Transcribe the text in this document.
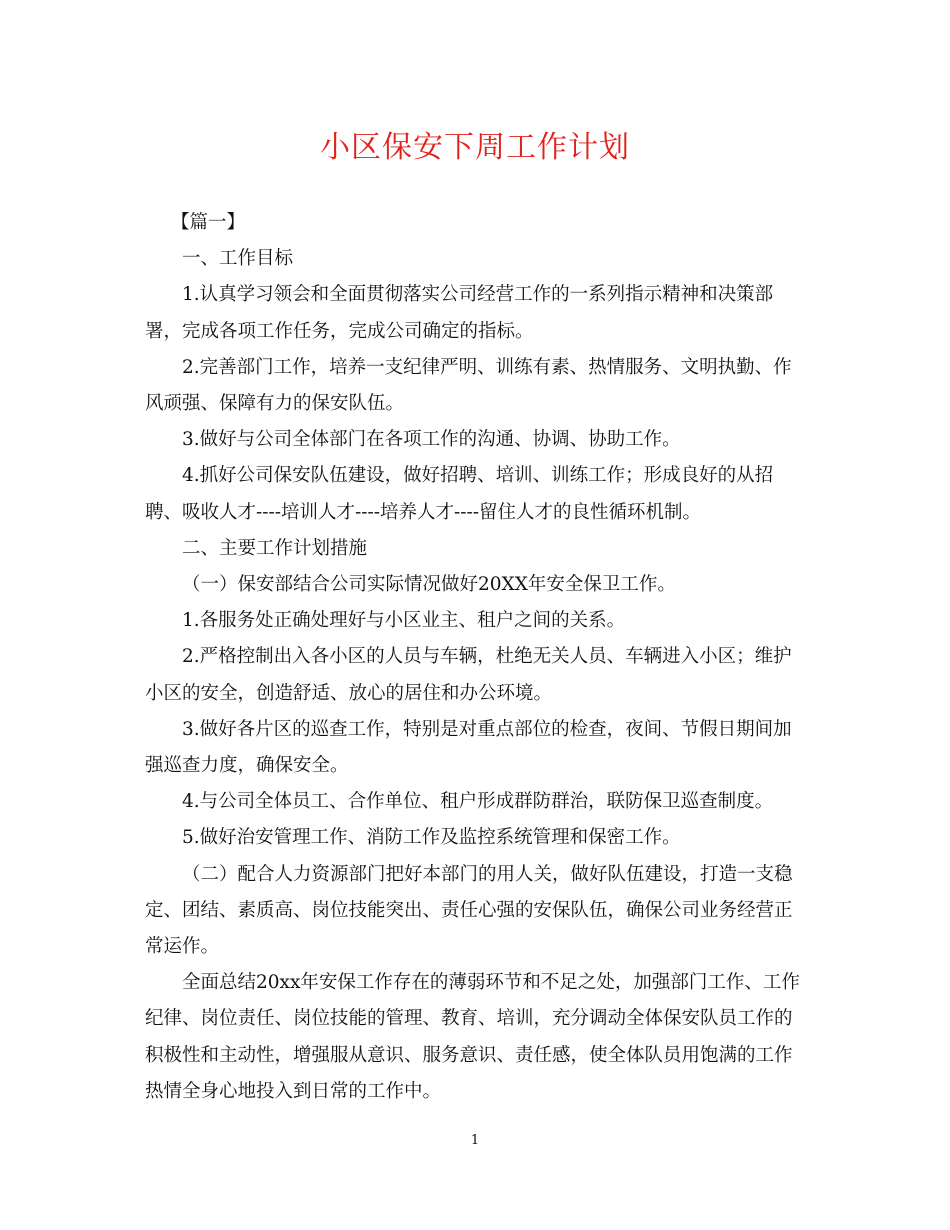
小区保安下周工作计划

【篇一】

一、工作目标

1.认真学习领会和全面贯彻落实公司经营工作的一系列指示精神和决策部署，完成各项工作任务，完成公司确定的指标。

2.完善部门工作，培养一支纪律严明、训练有素、热情服务、文明执勤、作风顽强、保障有力的保安队伍。

3.做好与公司全体部门在各项工作的沟通、协调、协助工作。

4.抓好公司保安队伍建设，做好招聘、培训、训练工作；形成良好的从招聘、吸收人才----培训人才----培养人才----留住人才的良性循环机制。

二、主要工作计划措施

（一）保安部结合公司实际情况做好20XX年安全保卫工作。

1.各服务处正确处理好与小区业主、租户之间的关系。

2.严格控制出入各小区的人员与车辆，杜绝无关人员、车辆进入小区；维护小区的安全，创造舒适、放心的居住和办公环境。

3.做好各片区的巡查工作，特别是对重点部位的检查，夜间、节假日期间加强巡查力度，确保安全。

4.与公司全体员工、合作单位、租户形成群防群治，联防保卫巡查制度。

5.做好治安管理工作、消防工作及监控系统管理和保密工作。

（二）配合人力资源部门把好本部门的用人关，做好队伍建设，打造一支稳定、团结、素质高、岗位技能突出、责任心强的安保队伍，确保公司业务经营正常运作。

全面总结20xx年安保工作存在的薄弱环节和不足之处，加强部门工作、工作纪律、岗位责任、岗位技能的管理、教育、培训，充分调动全体保安队员工作的积极性和主动性，增强服从意识、服务意识、责任感，使全体队员用饱满的工作热情全身心地投入到日常的工作中。

1
